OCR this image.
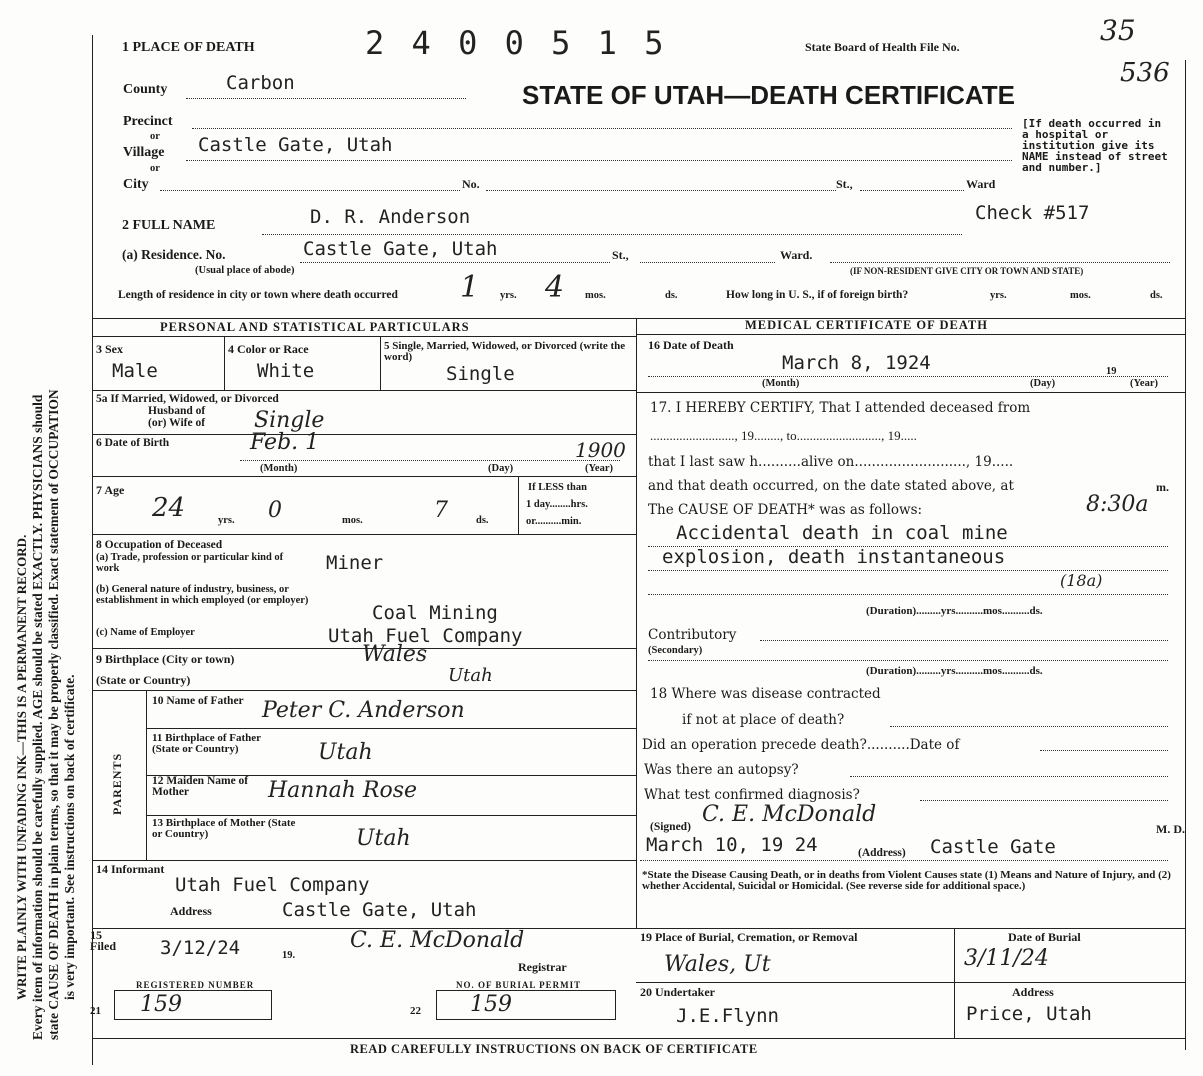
WRITE PLAINLY WITH UNFADING INK—THIS IS A PERMANENT RECORD. Every item of information should be carefully supplied. AGE should be stated EXACTLY. PHYSICIANS should state CAUSE OF DEATH in plain terms, so that it may be properly classified. Exact statement of OCCUPATION is very important. See instructions on back of certificate.
1 PLACE OF DEATH	2 4 0 0 5 1 5	State Board of Health File No.	35
536
STATE OF UTAH—DEATH CERTIFICATE
[If death occurred in a hospital or institution give its NAME instead of street and number.]
County	Carbon
Precinct
or
Village Castle Gate, Utah
or
City	No.	St.,	Ward
2 FULL NAME	D. R. Anderson	Check #517
(a) Residence. No.	Castle Gate, Utah	St.,	Ward.
(Usual place of abode)	(IF NON-RESIDENT GIVE CITY OR TOWN AND STATE)
Length of residence in city or town where death occurred 1 yrs. 4 mos.	ds.	How long in U. S., if of foreign birth?	yrs.	mos.	ds.
PERSONAL AND STATISTICAL PARTICULARS	MEDICAL CERTIFICATE OF DEATH
3 Sex
Male
4 Color or Race
White
5 Single, Married, Widowed, or Divorced (write the word)
Single
5a If Married, Widowed, or Divorced
Husband of
(or) Wife of Single
6 Date of Birth	Feb. 1	1900
(Month)	(Day)	(Year)
7 Age
24	yrs. 0	mos.	7	ds.
If LESS than
1 day........hrs.
or..........min.
8 Occupation of Deceased
(a) Trade, profession or particular kind of work	Miner
(b) General nature of industry, business, or establishment in which employed (or employer)
Coal Mining
(c) Name of Employer	Utah Fuel Company
9 Birthplace (City or town)	Wales
(State or Country)	Utah
PARENTS
10 Name of Father Peter C. Anderson
11 Birthplace of Father (State or Country)	Utah
12 Maiden Name of Mother	Hannah Rose
13 Birthplace of Mother (State or Country)	Utah
14 Informant
Utah Fuel Company
Address	Castle Gate, Utah
15 Filed	3/12/24	19.
C. E. McDonald
Registrar
REGISTERED NUMBER
21 159
NO. OF BURIAL PERMIT
22 159
16 Date of Death
March 8, 1924
(Month)	(Day)
19
(Year)
17. I HEREBY CERTIFY, That I attended deceased from
.........................., 19........, to.........................., 19.....
that I last saw h..........alive on.........................., 19.....
and that death occurred, on the date stated above, at
8:30a
m.
The CAUSE OF DEATH* was as follows:
Accidental death in coal mine
explosion, death instantaneous
(18a)
(Duration).........yrs..........mos..........ds.
Contributory
(Secondary)
(Duration).........yrs..........mos..........ds.
18 Where was disease contracted
if not at place of death?
Did an operation precede death?..........Date of
Was there an autopsy?
What test confirmed diagnosis?
(Signed) C. E. McDonald
M. D.
March 10, 19 24	(Address) Castle Gate
*State the Disease Causing Death, or in deaths from Violent Causes state (1) Means and Nature of Injury, and (2) whether Accidental, Suicidal or Homicidal. (See reverse side for additional space.)
19 Place of Burial, Cremation, or Removal
Wales, Ut
Date of Burial
3/11/24
20 Undertaker
J.E.Flynn
Address
Price, Utah
READ CAREFULLY INSTRUCTIONS ON BACK OF CERTIFICATE
